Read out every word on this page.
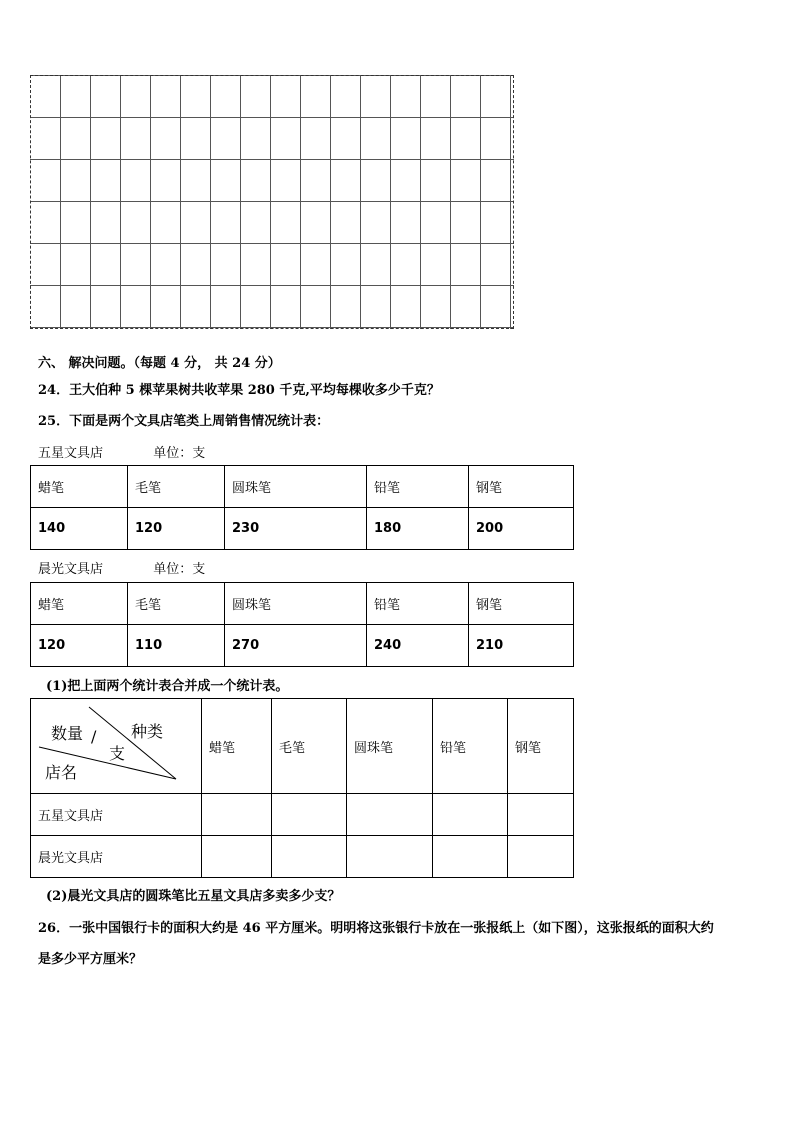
六、 解决问题。（每题 4 分， 共 24 分）
24．王大伯种 5 棵苹果树共收苹果 280 千克,平均每棵收多少千克？
25．下面是两个文具店笔类上周销售情况统计表：
五星文具店	单位：支
蜡笔	毛笔	圆珠笔	铅笔	钢笔
140	120	230	180	200
晨光文具店	单位：支
蜡笔	毛笔	圆珠笔	铅笔	钢笔
120	110	270	240	210
(1)把上面两个统计表合并成一个统计表。
数量 /
支
种类
店名	蜡笔	毛笔	圆珠笔	铅笔	钢笔
五星文具店					
晨光文具店					
(2)晨光文具店的圆珠笔比五星文具店多卖多少支？
26．一张中国银行卡的面积大约是 46 平方厘米。明明将这张银行卡放在一张报纸上（如下图），这张报纸的面积大约
是多少平方厘米？
